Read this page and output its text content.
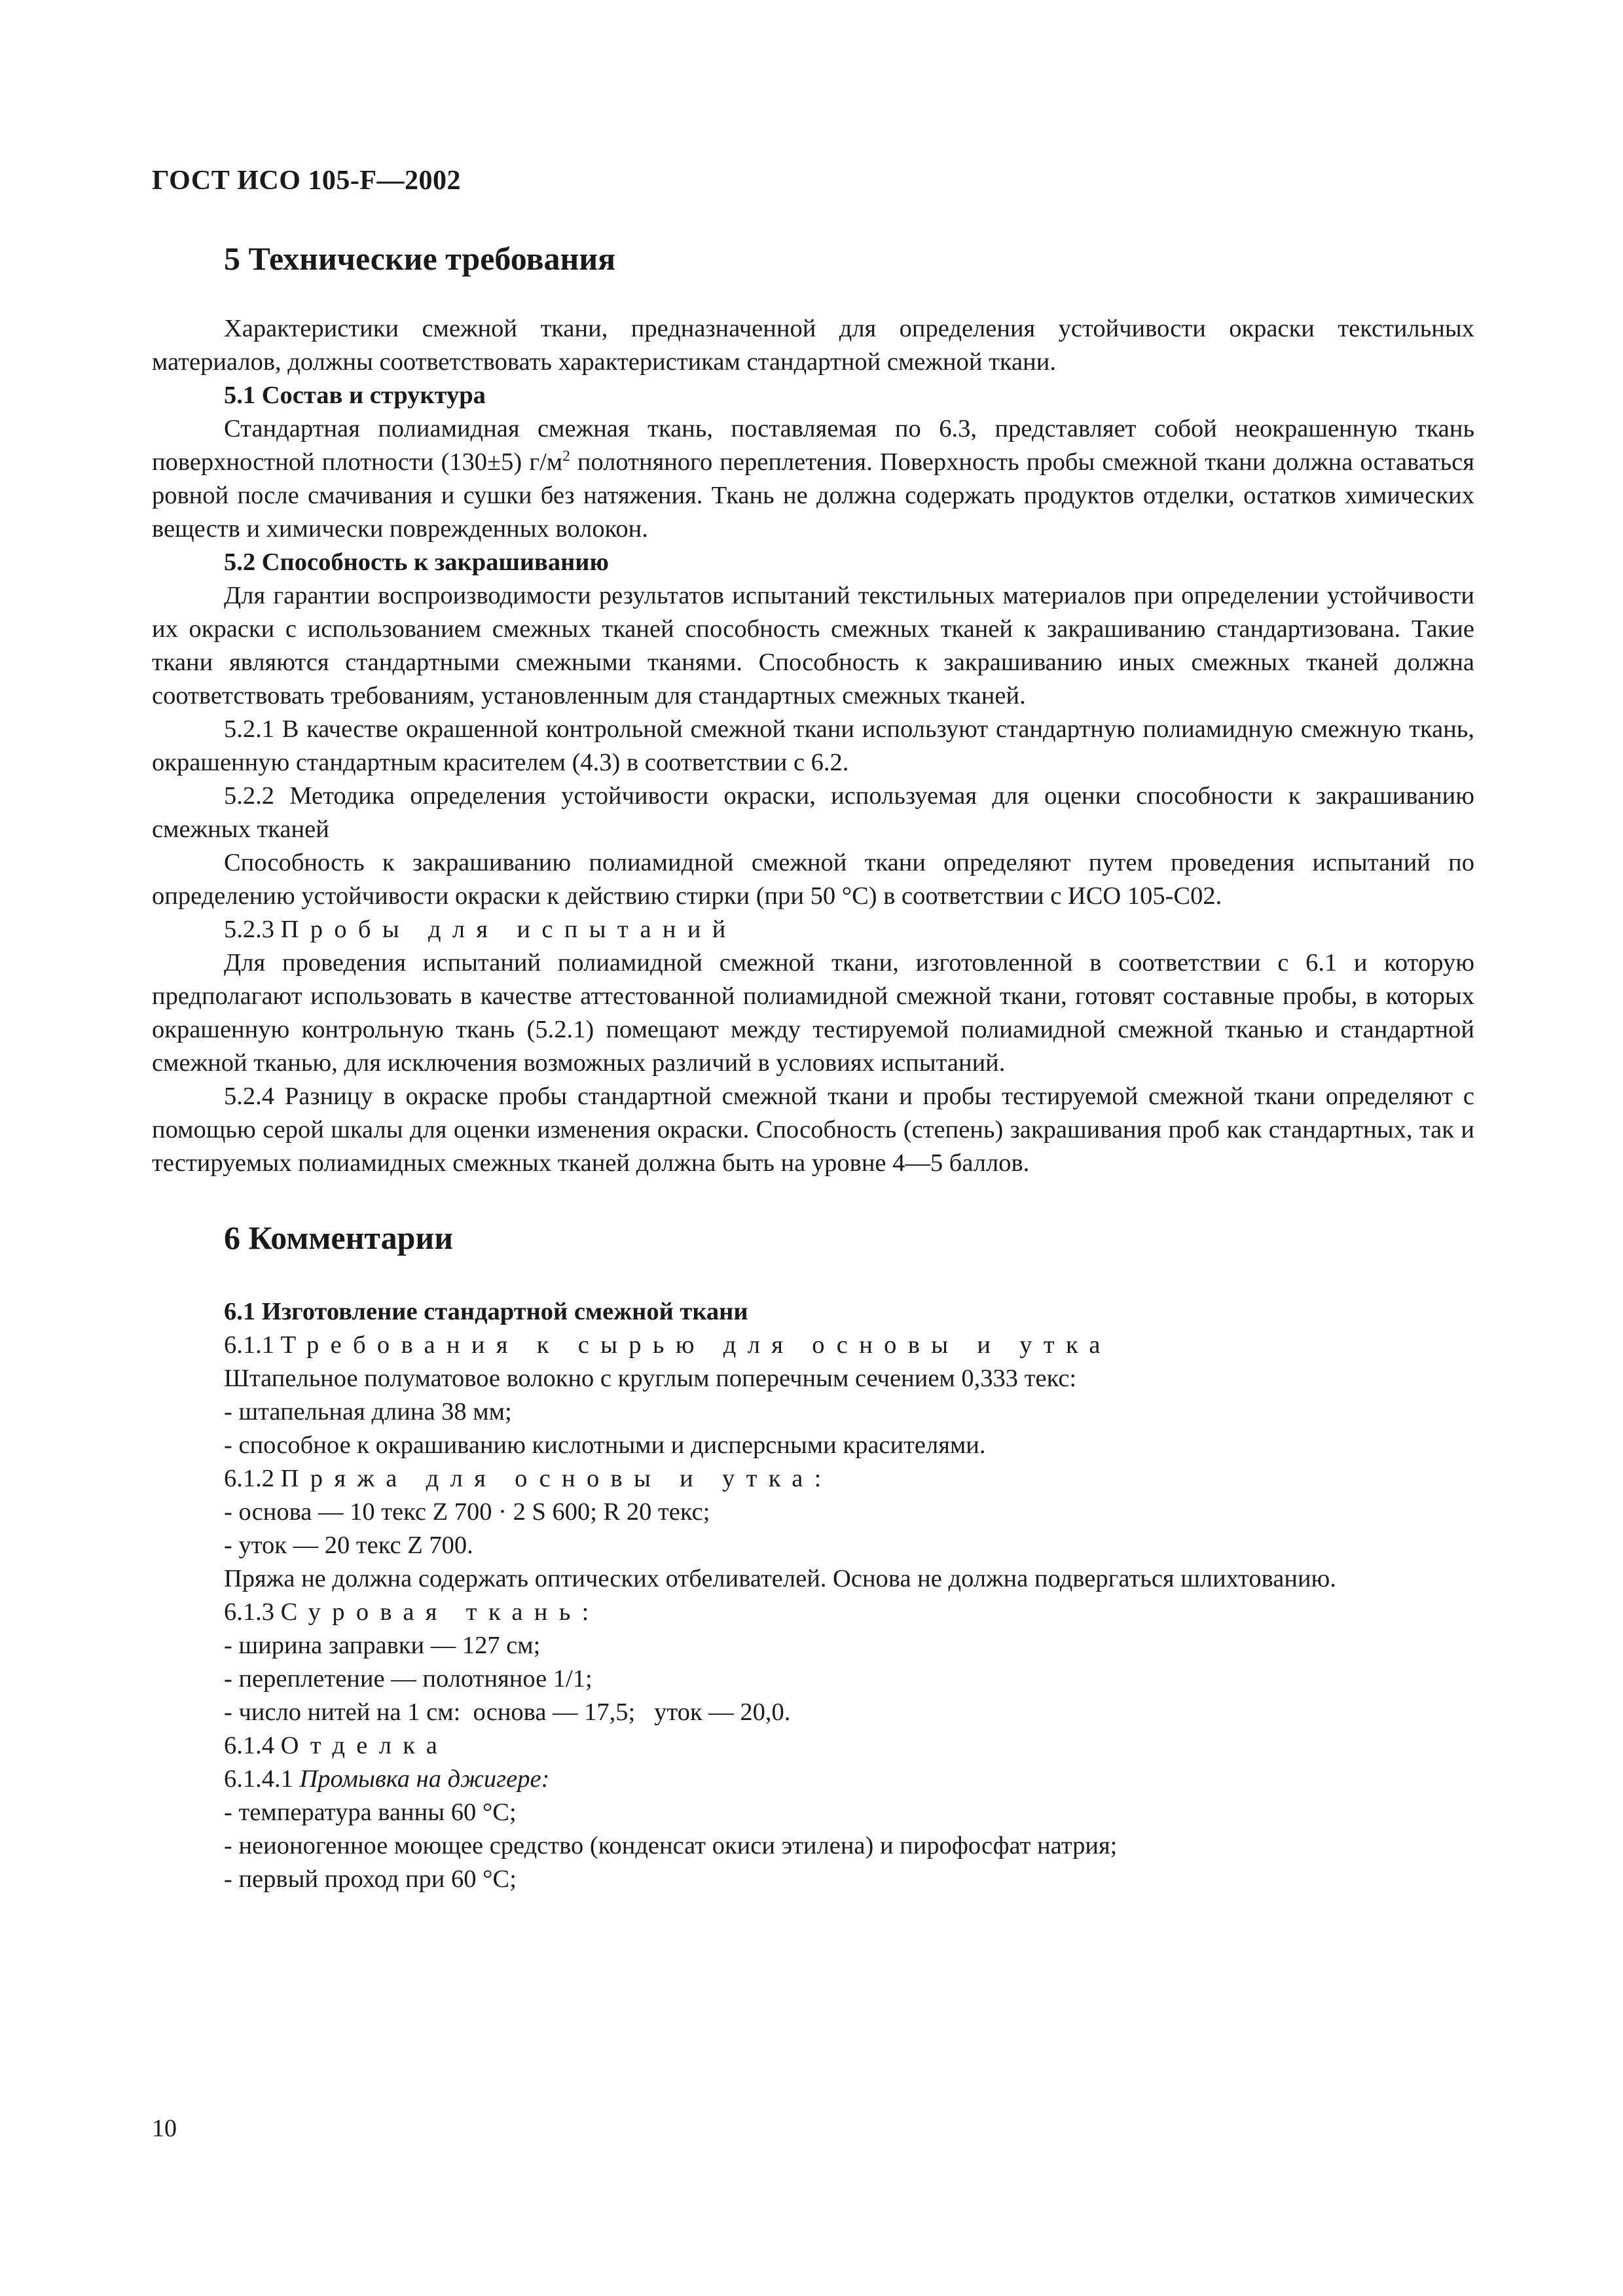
ГОСТ ИСО 105-F—2002

5 Технические требования

Характеристики смежной ткани, предназначенной для определения устойчивости окраски текстильных материалов, должны соответствовать характеристикам стандартной смежной ткани.

5.1 Состав и структура

Стандартная полиамидная смежная ткань, поставляемая по 6.3, представляет собой неокрашенную ткань поверхностной плотности (130±5) $г/м^2$ полотняного переплетения. Поверхность пробы смежной ткани должна оставаться ровной после смачивания и сушки без натяжения. Ткань не должна содержать продуктов отделки, остатков химических веществ и химически поврежденных волокон.

5.2 Способность к закрашиванию

Для гарантии воспроизводимости результатов испытаний текстильных материалов при определении устойчивости их окраски с использованием смежных тканей способность смежных тканей к закрашиванию стандартизована. Такие ткани являются стандартными смежными тканями. Способность к закрашиванию иных смежных тканей должна соответствовать требованиям, установленным для стандартных смежных тканей.

5.2.1 В качестве окрашенной контрольной смежной ткани используют стандартную полиамидную смежную ткань, окрашенную стандартным красителем (4.3) в соответствии с 6.2.

5.2.2 Методика определения устойчивости окраски, используемая для оценки способности к закрашиванию смежных тканей

Способность к закрашиванию полиамидной смежной ткани определяют путем проведения испытаний по определению устойчивости окраски к действию стирки (при 50 °С) в соответствии с ИСО 105-С02.

5.2.3 Пробы для испытаний

Для проведения испытаний полиамидной смежной ткани, изготовленной в соответствии с 6.1 и которую предполагают использовать в качестве аттестованной полиамидной смежной ткани, готовят составные пробы, в которых окрашенную контрольную ткань (5.2.1) помещают между тестируемой полиамидной смежной тканью и стандартной смежной тканью, для исключения возможных различий в условиях испытаний.

5.2.4 Разницу в окраске пробы стандартной смежной ткани и пробы тестируемой смежной ткани определяют с помощью серой шкалы для оценки изменения окраски. Способность (степень) закрашивания проб как стандартных, так и тестируемых полиамидных смежных тканей должна быть на уровне 4—5 баллов.

6 Комментарии

6.1 Изготовление стандартной смежной ткани

6.1.1 Требования к сырью для основы и утка

Штапельное полуматовое волокно с круглым поперечным сечением 0,333 текс:

- штапельная длина 38 мм;

- способное к окрашиванию кислотными и дисперсными красителями.

6.1.2 Пряжа для основы и утка:

- основа — 10 текс Z 700 · 2 S 600; R 20 текс;

- уток — 20 текс Z 700.

Пряжа не должна содержать оптических отбеливателей. Основа не должна подвергаться шлихтованию.

6.1.3 Суровая ткань:

- ширина заправки — 127 см;

- переплетение — полотняное 1/1;

- число нитей на 1 см:  основа — 17,5;   уток — 20,0.

6.1.4 Отделка

6.1.4.1 Промывка на джигере:

- температура ванны 60 °С;

- неионогенное моющее средство (конденсат окиси этилена) и пирофосфат натрия;

- первый проход при 60 °С;

10
